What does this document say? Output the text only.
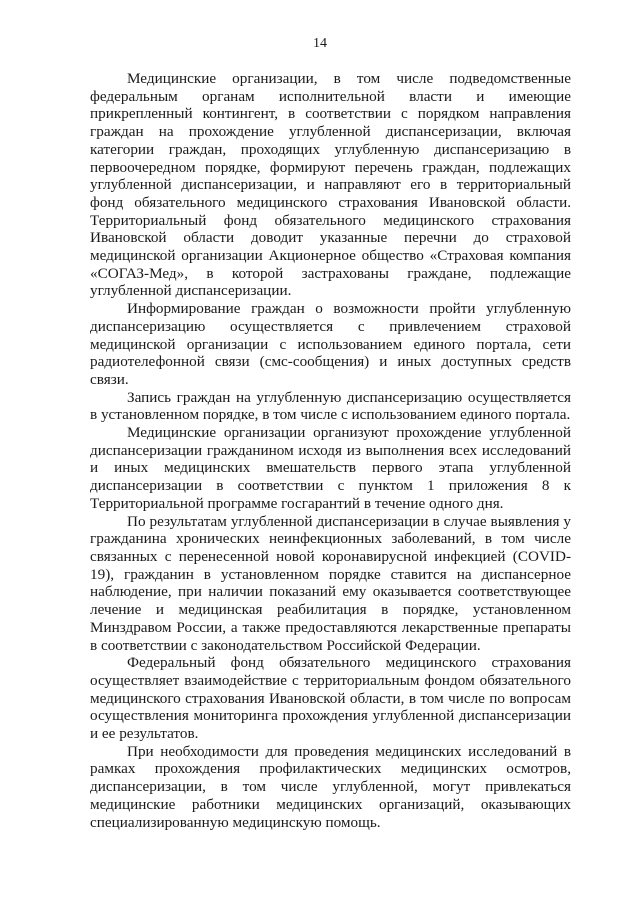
14

Медицинские организации, в том числе подведомственные федеральным органам исполнительной власти и имеющие прикрепленный контингент, в соответствии с порядком направления граждан на прохождение углубленной диспансеризации, включая категории граждан, проходящих углубленную диспансеризацию в первоочередном порядке, формируют перечень граждан, подлежащих углубленной диспансеризации, и направляют его в территориальный фонд обязательного медицинского страхования Ивановской области. Территориальный фонд обязательного медицинского страхования Ивановской области доводит указанные перечни до страховой медицинской организации Акционерное общество «Страховая компания «СОГАЗ-Мед», в которой застрахованы граждане, подлежащие углубленной диспансеризации.

Информирование граждан о возможности пройти углубленную диспансеризацию осуществляется с привлечением страховой медицинской организации с использованием единого портала, сети радиотелефонной связи (смс-сообщения) и иных доступных средств связи.

Запись граждан на углубленную диспансеризацию осуществляется в установленном порядке, в том числе с использованием единого портала.

Медицинские организации организуют прохождение углубленной диспансеризации гражданином исходя из выполнения всех исследований и иных медицинских вмешательств первого этапа углубленной диспансеризации в соответствии с пунктом 1 приложения 8 к Территориальной программе госгарантий в течение одного дня.

По результатам углубленной диспансеризации в случае выявления у гражданина хронических неинфекционных заболеваний, в том числе связанных с перенесенной новой коронавирусной инфекцией (COVID-19), гражданин в установленном порядке ставится на диспансерное наблюдение, при наличии показаний ему оказывается соответствующее лечение и медицинская реабилитация в порядке, установленном Минздравом России, а также предоставляются лекарственные препараты в соответствии с законодательством Российской Федерации.

Федеральный фонд обязательного медицинского страхования осуществляет взаимодействие с территориальным фондом обязательного медицинского страхования Ивановской области, в том числе по вопросам осуществления мониторинга прохождения углубленной диспансеризации и ее результатов.

При необходимости для проведения медицинских исследований в рамках прохождения профилактических медицинских осмотров, диспансеризации, в том числе углубленной, могут привлекаться медицинские работники медицинских организаций, оказывающих специализированную медицинскую помощь.
